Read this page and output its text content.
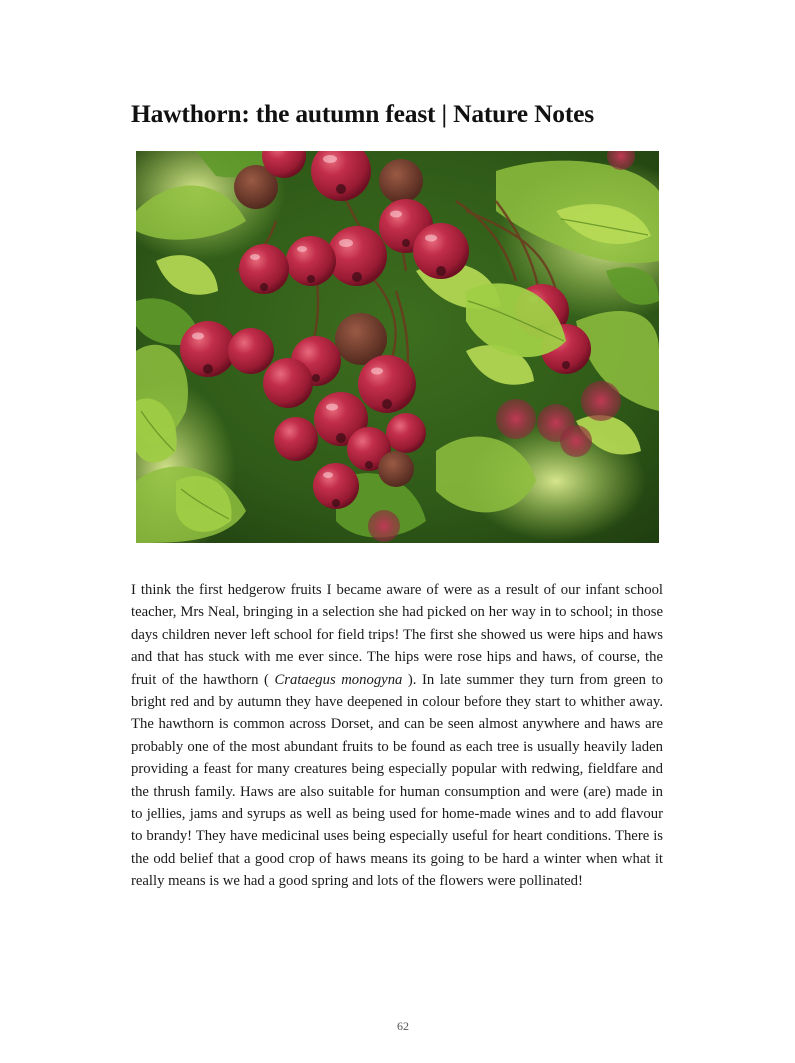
Hawthorn: the autumn feast | Nature Notes

I think the first hedgerow fruits I became aware of were as a result of our infant school teacher, Mrs Neal, bringing in a selection she had picked on her way in to school; in those days children never left school for field trips! The first she showed us were hips and haws and that has stuck with me ever since. The hips were rose hips and haws, of course, the fruit of the hawthorn ( Crataegus monogyna ). In late summer they turn from green to bright red and by autumn they have deepened in colour before they start to whither away. The hawthorn is common across Dorset, and can be seen almost anywhere and haws are probably one of the most abundant fruits to be found as each tree is usually heavily laden providing a feast for many creatures being especially popular with redwing, fieldfare and the thrush family. Haws are also suitable for human consumption and were (are) made in to jellies, jams and syrups as well as being used for home-made wines and to add flavour to brandy! They have medicinal uses being especially useful for heart conditions. There is the odd belief that a good crop of haws means its going to be hard a winter when what it really means is we had a good spring and lots of the flowers were pollinated!

62
